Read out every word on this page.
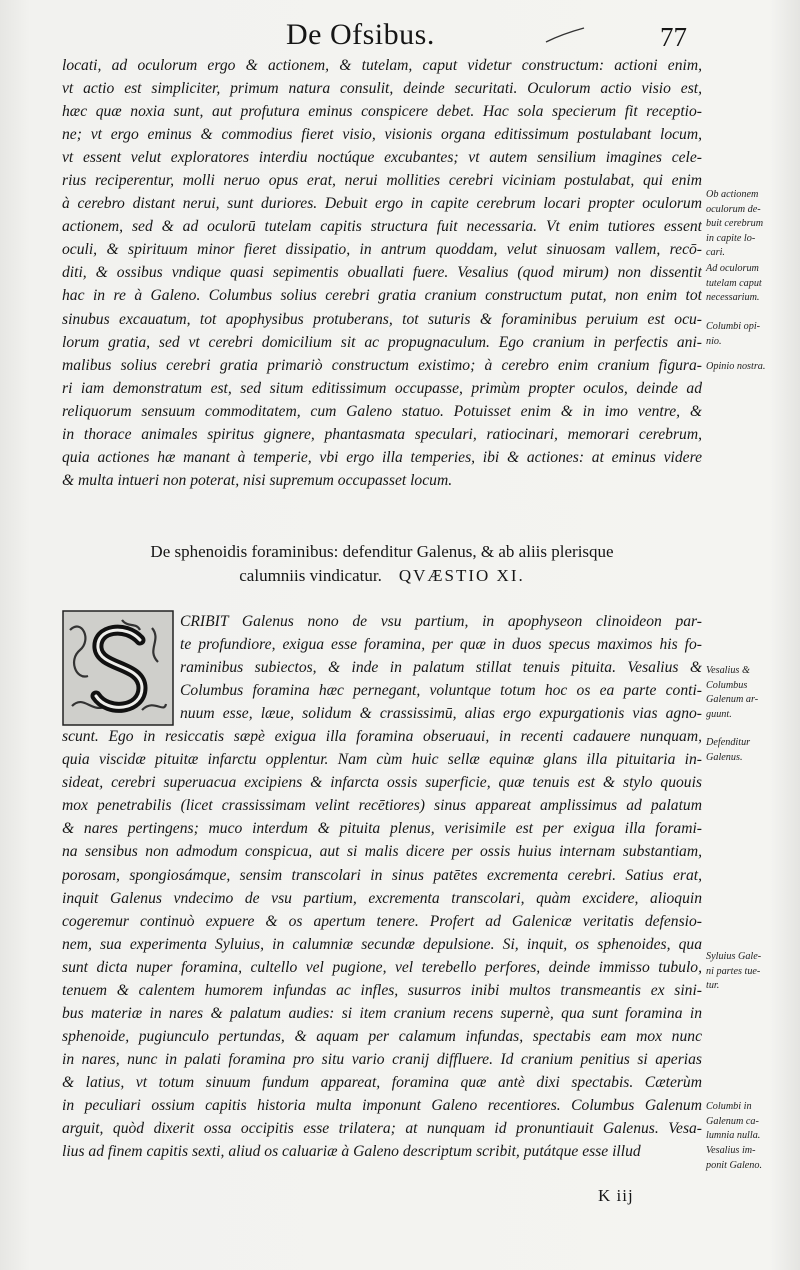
De Ofsibus.	77

locati, ad oculorum ergo & actionem, & tutelam, caput videtur constructum: actioni enim,
vt actio est simpliciter, primum natura consulit, deinde securitati. Oculorum actio visio est,
hæc quæ noxia sunt, aut profutura eminus conspicere debet. Hac sola specierum fit receptio-
ne; vt ergo eminus & commodius fieret visio, visionis organa editissimum postulabant locum,
vt essent velut exploratores interdiu noctúque excubantes; vt autem sensilium imagines cele-
rius reciperentur, molli neruo opus erat, nerui mollities cerebri viciniam postulabat, qui enim
à cerebro distant nerui, sunt duriores. Debuit ergo in capite cerebrum locari propter oculorum
actionem, sed & ad oculorū tutelam capitis structura fuit necessaria. Vt enim tutiores essent
oculi, & spirituum minor fieret dissipatio, in antrum quoddam, velut sinuosam vallem, recō-
diti, & ossibus vndique quasi sepimentis obuallati fuere. Vesalius (quod mirum) non dissentit
hac in re à Galeno. Columbus solius cerebri gratia cranium constructum putat, non enim tot
sinubus excauatum, tot apophysibus protuberans, tot suturis & foraminibus peruium est ocu-
lorum gratia, sed vt cerebri domicilium sit ac propugnaculum. Ego cranium in perfectis ani-
malibus solius cerebri gratia primariò constructum existimo; à cerebro enim cranium figura-
ri iam demonstratum est, sed situm editissimum occupasse, primùm propter oculos, deinde ad
reliquorum sensuum commoditatem, cum Galeno statuo. Potuisset enim & in imo ventre, &
in thorace animales spiritus gignere, phantasmata speculari, ratiocinari, memorari cerebrum,
quia actiones hæ manant à temperie, vbi ergo illa temperies, ibi & actiones: at eminus videre
& multa intueri non poterat, nisi supremum occupasset locum.

De sphenoidis foraminibus: defenditur Galenus, & ab aliis plerisque
calumniis vindicatur. QVÆSTIO XI.

CRIBIT Galenus nono de vsu partium, in apophyseon clinoideon par-
te profundiore, exigua esse foramina, per quæ in duos specus maximos his fo-
raminibus subiectos, & inde in palatum stillat tenuis pituita. Vesalius &
Columbus foramina hæc pernegant, voluntque totum hoc os ea parte conti-
nuum esse, læue, solidum & crassissimū, alias ergo expurgationis vias agno-
scunt. Ego in resiccatis sæpè exigua illa foramina obseruaui, in recenti cadauere nunquam,
quia viscidæ pituitæ infarctu opplentur. Nam cùm huic sellæ equinæ glans illa pituitaria in-
sideat, cerebri superuacua excipiens & infarcta ossis superficie, quæ tenuis est & stylo quouis
mox penetrabilis (licet crassissimam velint recētiores) sinus appareat amplissimus ad palatum
& nares pertingens; muco interdum & pituita plenus, verisimile est per exigua illa forami-
na sensibus non admodum conspicua, aut si malis dicere per ossis huius internam substantiam,
porosam, spongiosámque, sensim transcolari in sinus patētes excrementa cerebri. Satius erat,
inquit Galenus vndecimo de vsu partium, excrementa transcolari, quàm excidere, alioquin
cogeremur continuò expuere & os apertum tenere. Profert ad Galenicæ veritatis defensio-
nem, sua experimenta Syluius, in calumniæ secundæ depulsione. Si, inquit, os sphenoides, qua
sunt dicta nuper foramina, cultello vel pugione, vel terebello perfores, deinde immisso tubulo,
tenuem & calentem humorem infundas ac infles, susurros inibi multos transmeantis ex sini-
bus materiæ in nares & palatum audies: si item cranium recens supernè, qua sunt foramina in
sphenoide, pugiunculo pertundas, & aquam per calamum infundas, spectabis eam mox nunc
in nares, nunc in palati foramina pro situ vario cranij diffluere. Id cranium penitius si aperias
& latius, vt totum sinuum fundum appareat, foramina quæ antè dixi spectabis. Cæterùm
in peculiari ossium capitis historia multa imponunt Galeno recentiores. Columbus Galenum
arguit, quòd dixerit ossa occipitis esse trilatera; at nunquam id pronuntiauit Galenus. Vesa-
lius ad finem capitis sexti, aliud os caluariæ à Galeno descriptum scribit, putátque esse illud

Ob actionem
oculorum de-
buit cerebrum
in capite lo-
cari.
Ad oculorum
tutelam caput
necessarium.
Columbi opi-
nio.
Opinio nostra.
Vesalius &
Columbus
Galenum ar-
guunt.
Defenditur
Galenus.
Syluius Gale-
ni partes tue-
tur.
Columbi in
Galenum ca-
lumnia nulla.
Vesalius im-
ponit Galeno.
K iij
